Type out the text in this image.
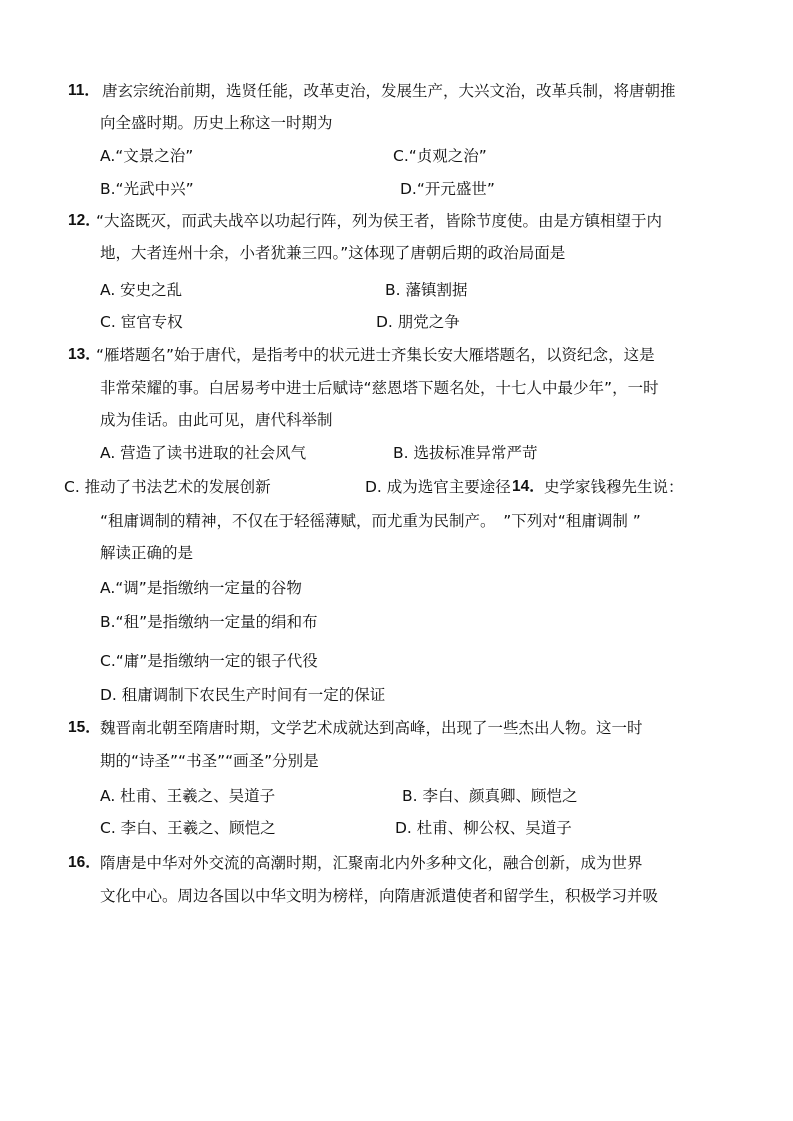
11． 唐玄宗统治前期，选贤任能，改革吏治，发展生产，大兴文治，改革兵制，将唐朝推
向全盛时期。历史上称这一时期为
A.“文景之治”	C.“贞观之治”
B.“光武中兴”	D.“开元盛世”
12．
“大盗既灭，而武夫战卒以功起行阵，列为侯王者，皆除节度使。由是方镇相望于内
地，大者连州十余，小者犹兼三四。”这体现了唐朝后期的政治局面是
A. 安史之乱	B. 藩镇割据
C. 宦官专权	D. 朋党之争
13．
“雁塔题名”始于唐代，是指考中的状元进士齐集长安大雁塔题名，以资纪念，这是
非常荣耀的事。白居易考中进士后赋诗“慈恩塔下题名处，十七人中最少年”，一时
成为佳话。由此可见，唐代科举制
A. 营造了读书进取的社会风气	B. 选拔标准异常严苛
C. 推动了书法艺术的发展创新	D. 成为选官主要途径 14． 史学家钱穆先生说：
“租庸调制的精神，不仅在于轻徭薄赋，而尤重为民制产。　”下列对“租庸调制 ”
解读正确的是
A.“调”是指缴纳一定量的谷物
B.“租”是指缴纳一定量的绢和布
C.“庸”是指缴纳一定的银子代役
D. 租庸调制下农民生产时间有一定的保证
15． 魏晋南北朝至隋唐时期，文学艺术成就达到高峰，出现了一些杰出人物。这一时
期的“诗圣”“书圣”“画圣”分别是
A. 杜甫、王羲之、吴道子	B. 李白、颜真卿、顾恺之
C. 李白、王羲之、顾恺之	D. 杜甫、柳公权、吴道子
16． 隋唐是中华对外交流的高潮时期，汇聚南北内外多种文化，融合创新，成为世界
文化中心。周边各国以中华文明为榜样，向隋唐派遣使者和留学生，积极学习并吸
